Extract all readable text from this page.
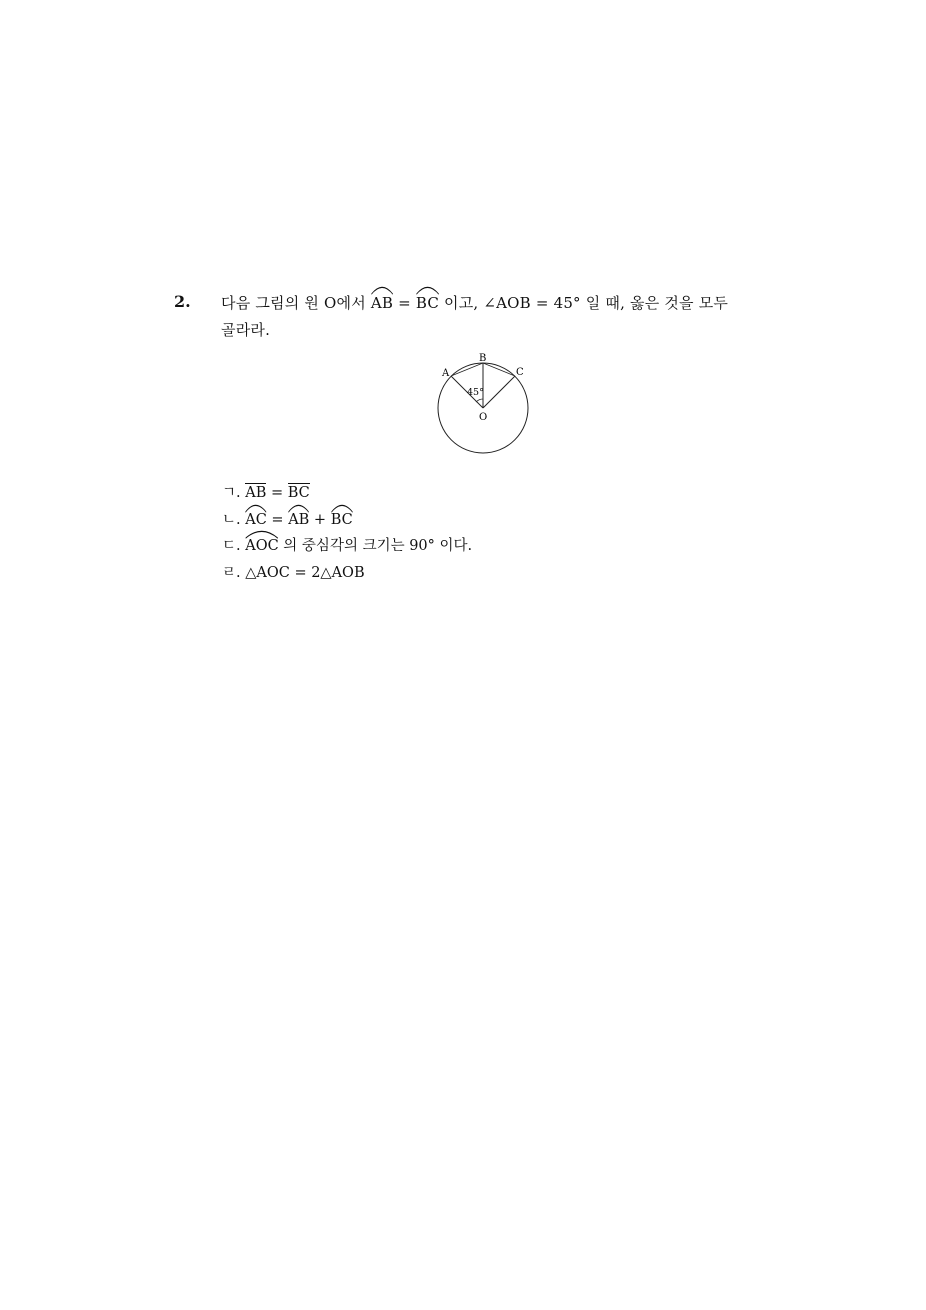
2. 다음 그림의 원 O에서
AB =
BC 이고, ∠AOB = 45° 일 때, 옳은 것을 모두
골라라.
A
B
C
O
45°
ㄱ. AB = BC
ㄴ. AC =
AB +
BC
ㄷ. AOC 의 중심각의 크기는 90° 이다.
ㄹ. △AOC = 2△AOB
